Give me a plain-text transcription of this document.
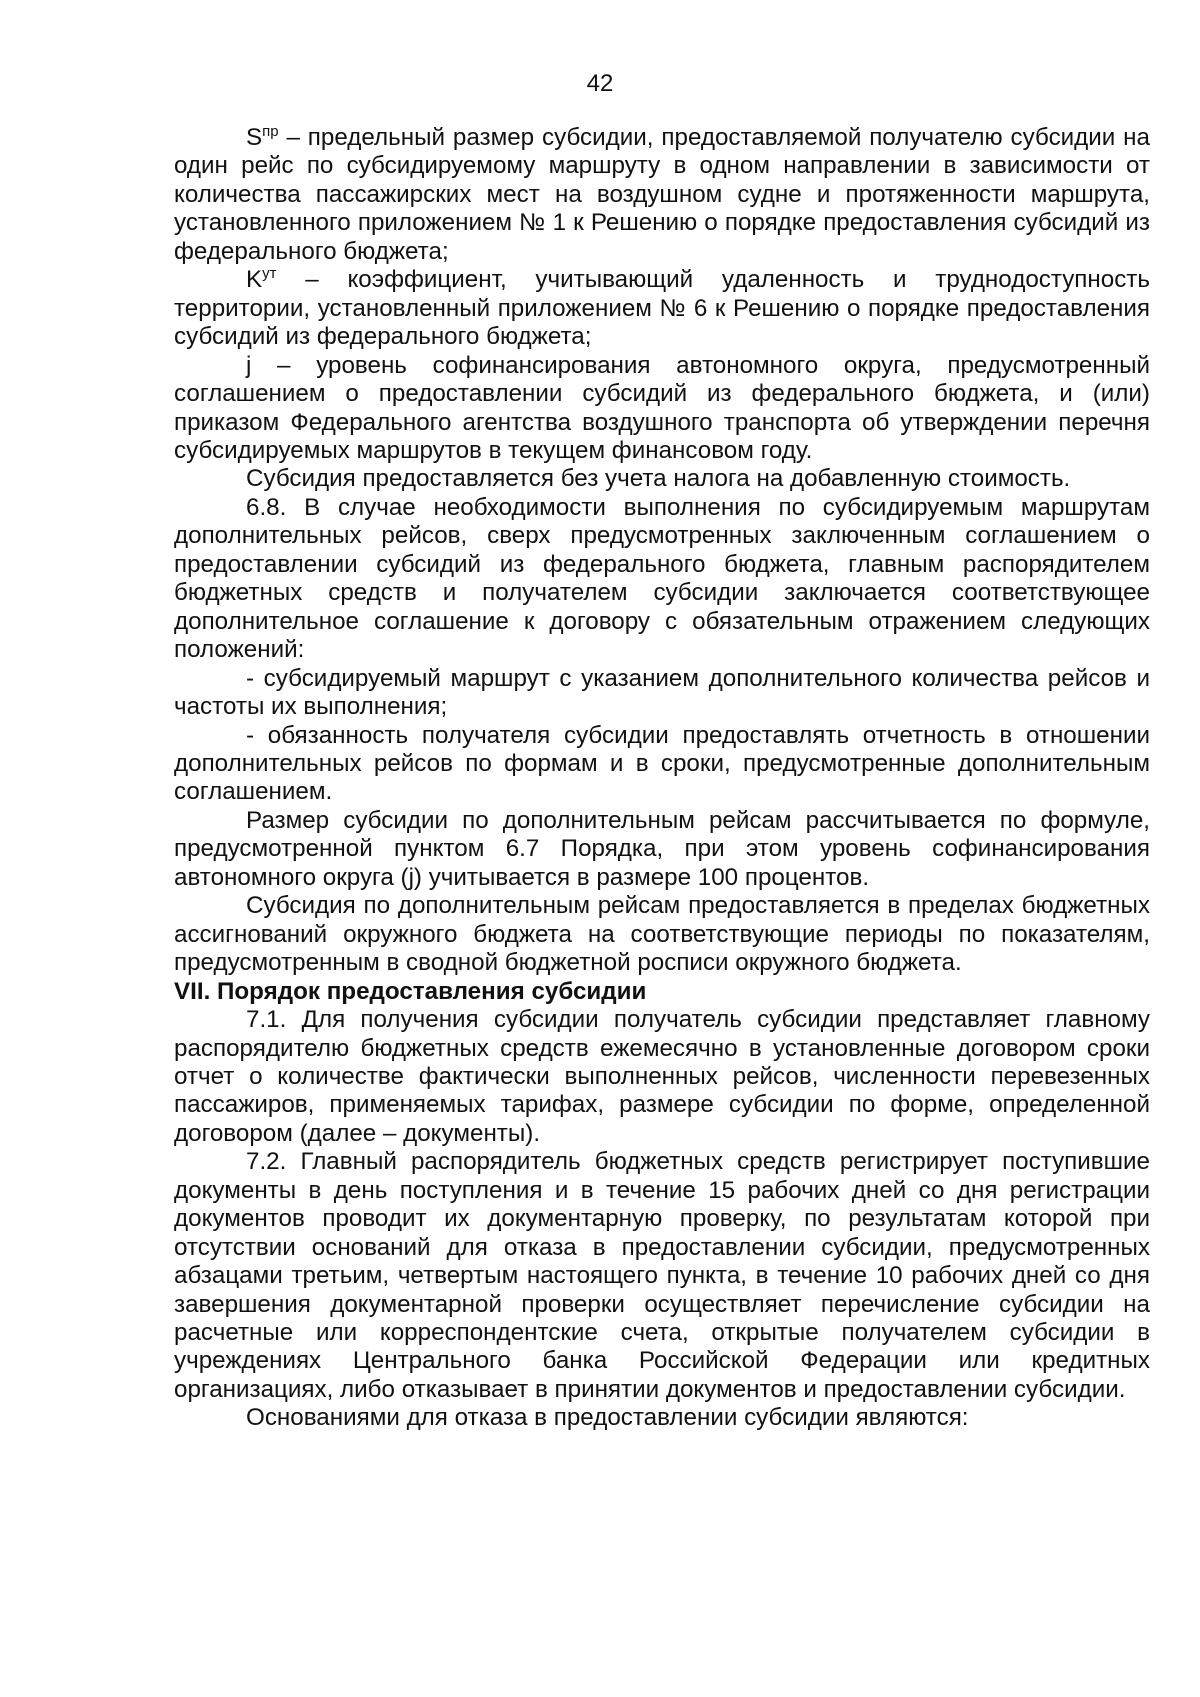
42

$S^{пр}$ – предельный размер субсидии, предоставляемой получателю субсидии на один рейс по субсидируемому маршруту в одном направлении в зависимости от количества пассажирских мест на воздушном судне и протяженности маршрута, установленного приложением № 1 к Решению о порядке предоставления субсидий из федерального бюджета;

$K^{ут}$ – коэффициент, учитывающий удаленность и труднодоступность территории, установленный приложением № 6 к Решению о порядке предоставления субсидий из федерального бюджета;

j – уровень софинансирования автономного округа, предусмотренный соглашением о предоставлении субсидий из федерального бюджета, и (или) приказом Федерального агентства воздушного транспорта об утверждении перечня субсидируемых маршрутов в текущем финансовом году.

Субсидия предоставляется без учета налога на добавленную стоимость.

6.8. В случае необходимости выполнения по субсидируемым маршрутам дополнительных рейсов, сверх предусмотренных заключенным соглашением о предоставлении субсидий из федерального бюджета, главным распорядителем бюджетных средств и получателем субсидии заключается соответствующее дополнительное соглашение к договору с обязательным отражением следующих положений:

- субсидируемый маршрут с указанием дополнительного количества рейсов и частоты их выполнения;

- обязанность получателя субсидии предоставлять отчетность в отношении дополнительных рейсов по формам и в сроки, предусмотренные дополнительным соглашением.

Размер субсидии по дополнительным рейсам рассчитывается по формуле, предусмотренной пунктом 6.7 Порядка, при этом уровень софинансирования автономного округа (j) учитывается в размере 100 процентов.

Субсидия по дополнительным рейсам предоставляется в пределах бюджетных ассигнований окружного бюджета на соответствующие периоды по показателям, предусмотренным в сводной бюджетной росписи окружного бюджета.

VII. Порядок предоставления субсидии

7.1. Для получения субсидии получатель субсидии представляет главному распорядителю бюджетных средств ежемесячно в установленные договором сроки отчет о количестве фактически выполненных рейсов, численности перевезенных пассажиров, применяемых тарифах, размере субсидии по форме, определенной договором (далее – документы).

7.2. Главный распорядитель бюджетных средств регистрирует поступившие документы в день поступления и в течение 15 рабочих дней со дня регистрации документов проводит их документарную проверку, по результатам которой при отсутствии оснований для отказа в предоставлении субсидии, предусмотренных абзацами третьим, четвертым настоящего пункта, в течение 10 рабочих дней со дня завершения документарной проверки осуществляет перечисление субсидии на расчетные или корреспондентские счета, открытые получателем субсидии в учреждениях Центрального банка Российской Федерации или кредитных организациях, либо отказывает в принятии документов и предоставлении субсидии.

Основаниями для отказа в предоставлении субсидии являются:
